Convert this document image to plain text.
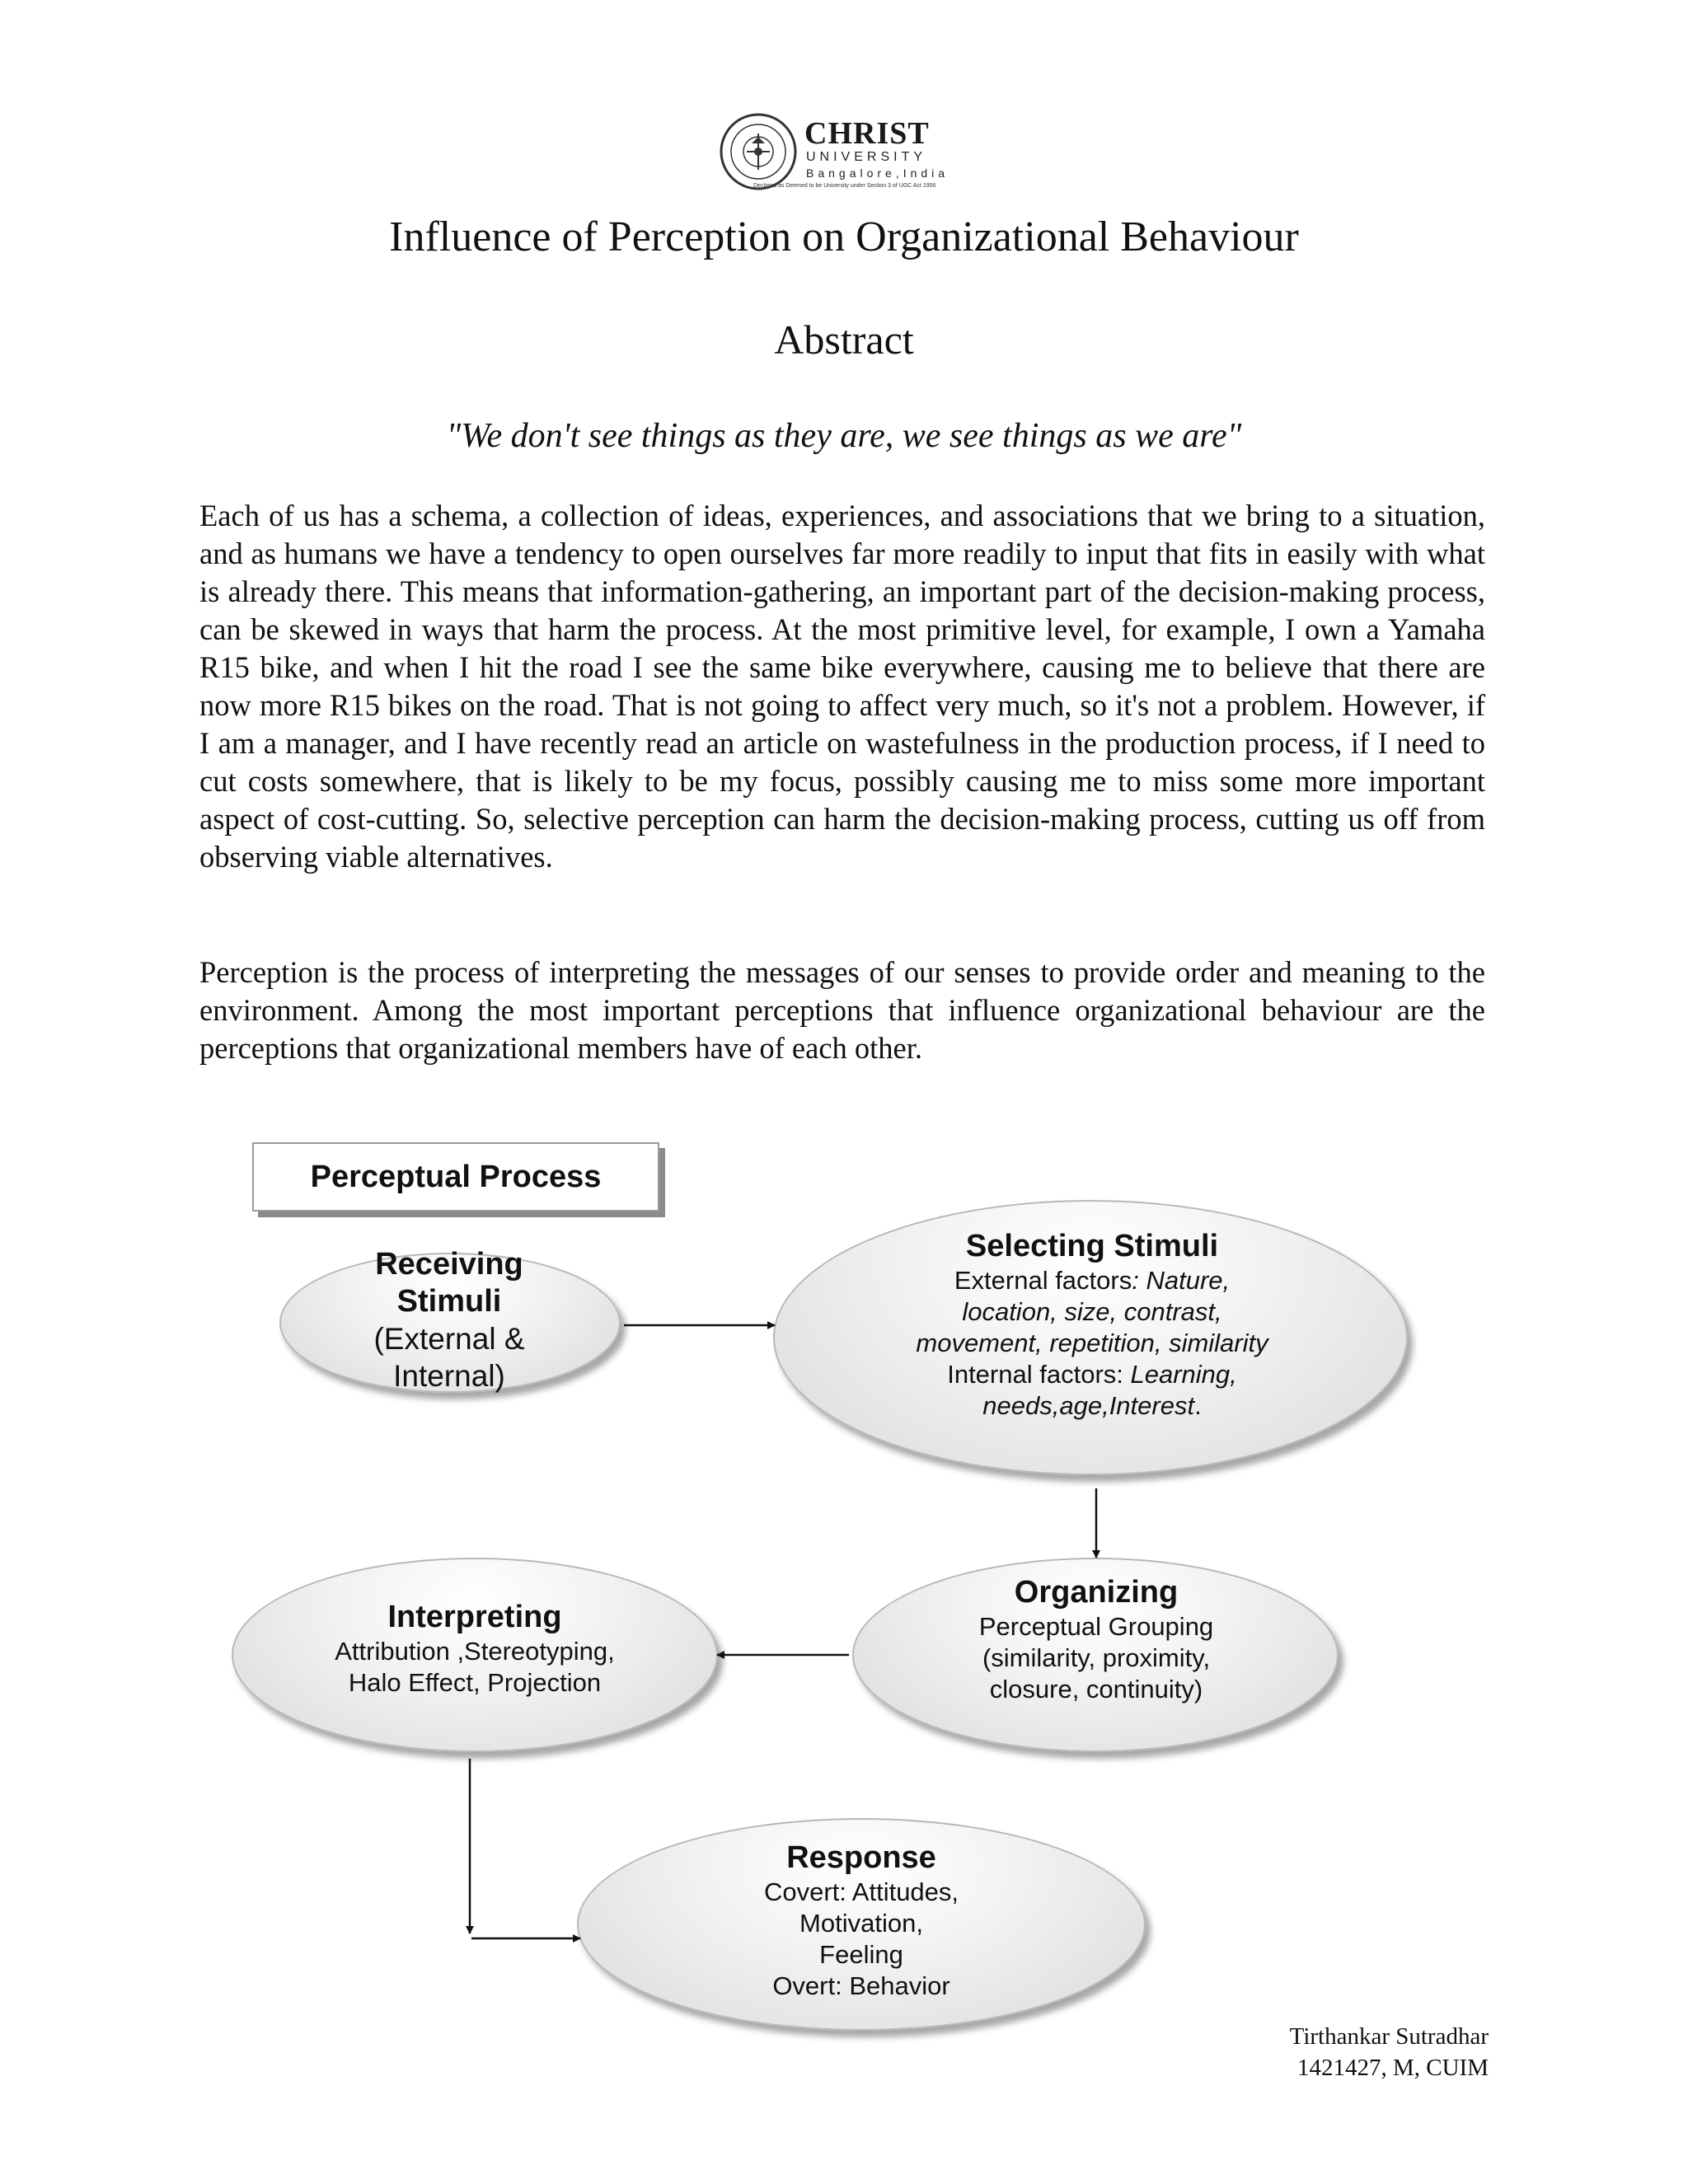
CHRIST
UNIVERSITY
Bangalore,India
Declared as Deemed to be University under Section 3 of UGC Act 1956
Influence of Perception on Organizational Behaviour
Abstract
"We don't see things as they are, we see things as we are"

Each of us has a schema, a collection of ideas, experiences, and associations that we bring to a situation, and as humans we have a tendency to open ourselves far more readily to input that fits in easily with what is already there. This means that information-gathering, an important part of the decision-making process, can be skewed in ways that harm the process. At the most primitive level, for example, I own a Yamaha R15 bike, and when I hit the road I see the same bike everywhere, causing me to believe that there are now more R15 bikes on the road. That is not going to affect very much, so it's not a problem. However, if I am a manager, and I have recently read an article on wastefulness in the production process, if I need to cut costs somewhere, that is likely to be my focus, possibly causing me to miss some more important aspect of cost-cutting. So, selective perception can harm the decision-making process, cutting us off from observing viable alternatives.

Perception is the process of interpreting the messages of our senses to provide order and meaning to the environment. Among the most important perceptions that influence organizational behaviour are the perceptions that organizational members have of each other.

Perceptual Process
Receiving
Stimuli
(External &
Internal)
Selecting Stimuli
External factors: Nature,
location, size, contrast,
movement, repetition, similarity
Internal factors: Learning,
needs,age,Interest.
Organizing
Perceptual Grouping
(similarity, proximity,
closure, continuity)
Interpreting
Attribution ,Stereotyping,
Halo Effect, Projection
Response
Covert: Attitudes,
Motivation,
Feeling
Overt: Behavior
Tirthankar Sutradhar
1421427, M, CUIM
